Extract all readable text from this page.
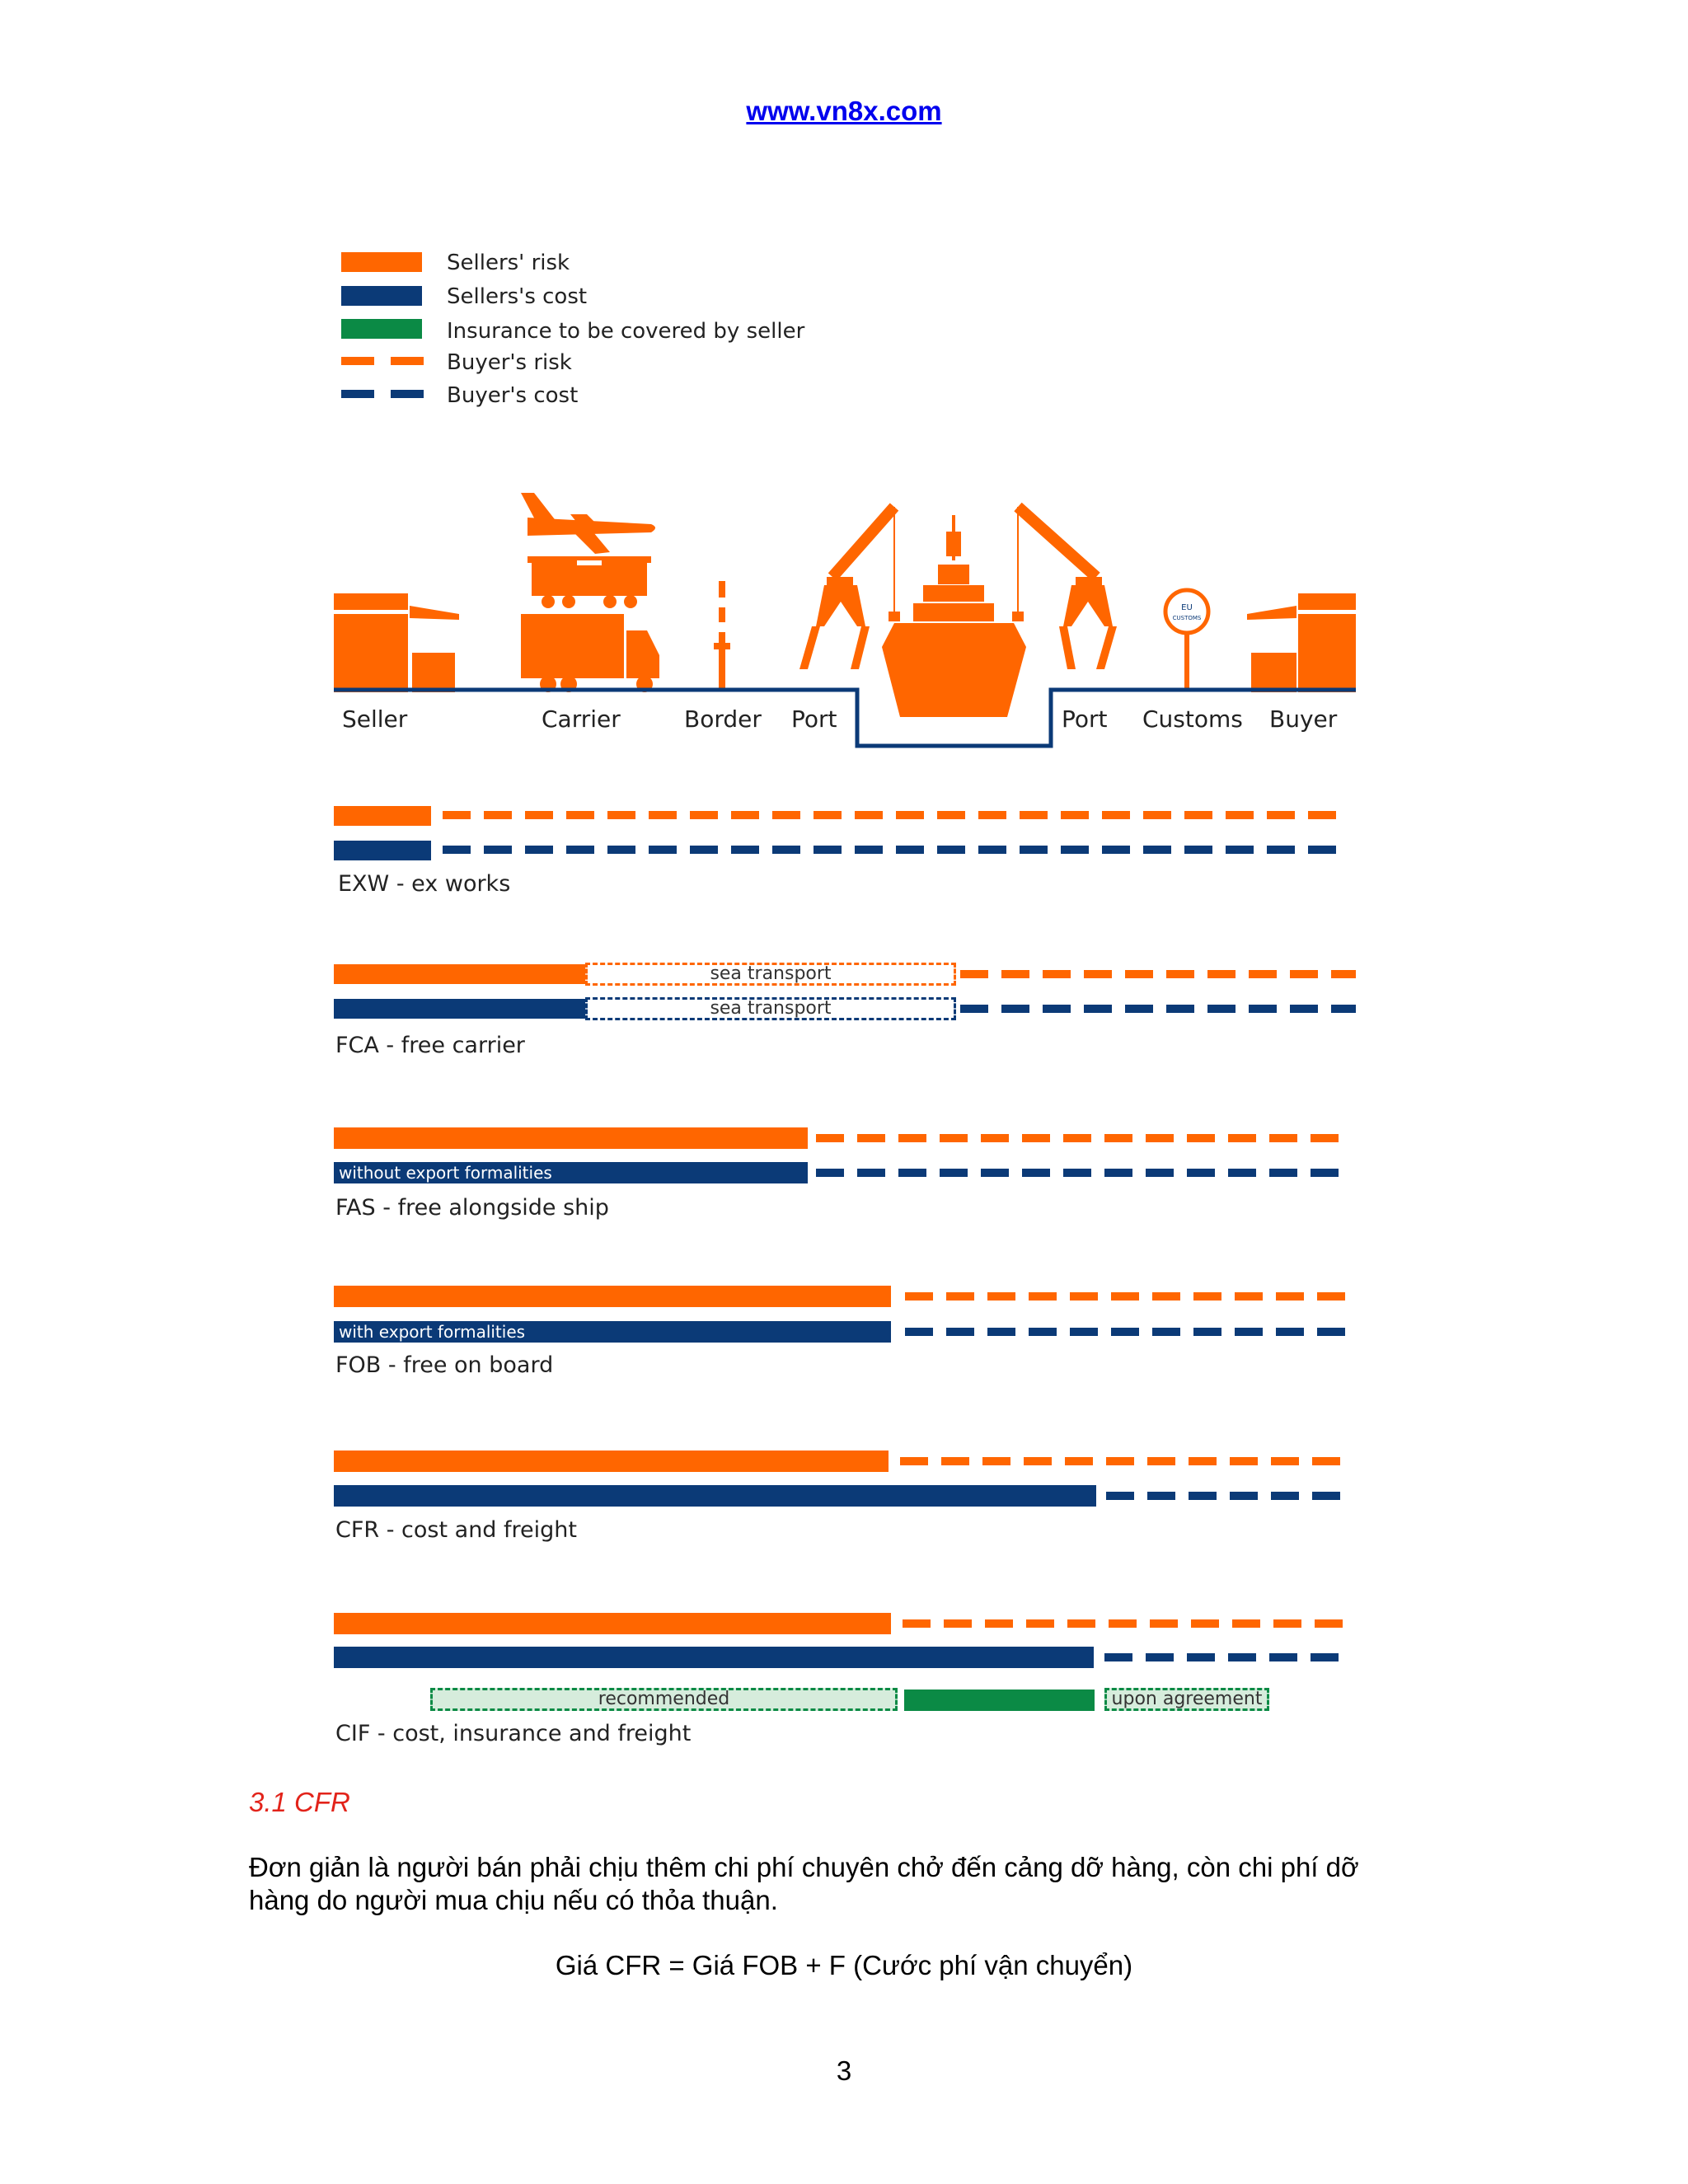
www.vn8x.com
Sellers' risk
Sellers's cost
Insurance to be covered by seller
Buyer's risk
Buyer's cost
EU
CUSTOMS
Seller	Carrier	Border Port	Port Customs Buyer
EXW - ex works
sea transport
sea transport
FCA - free carrier
without export formalities
FAS - free alongside ship
with export formalities
FOB - free on board
CFR - cost and freight
recommended	upon agreement
CIF - cost, insurance and freight
3.1 CFR
Đơn giản là người bán phải chịu thêm chi phí chuyên chở đến cảng dỡ hàng, còn chi phí dỡ hàng do người mua chịu nếu có thỏa thuận.
Giá CFR = Giá FOB + F (Cước phí vận chuyển)
3
